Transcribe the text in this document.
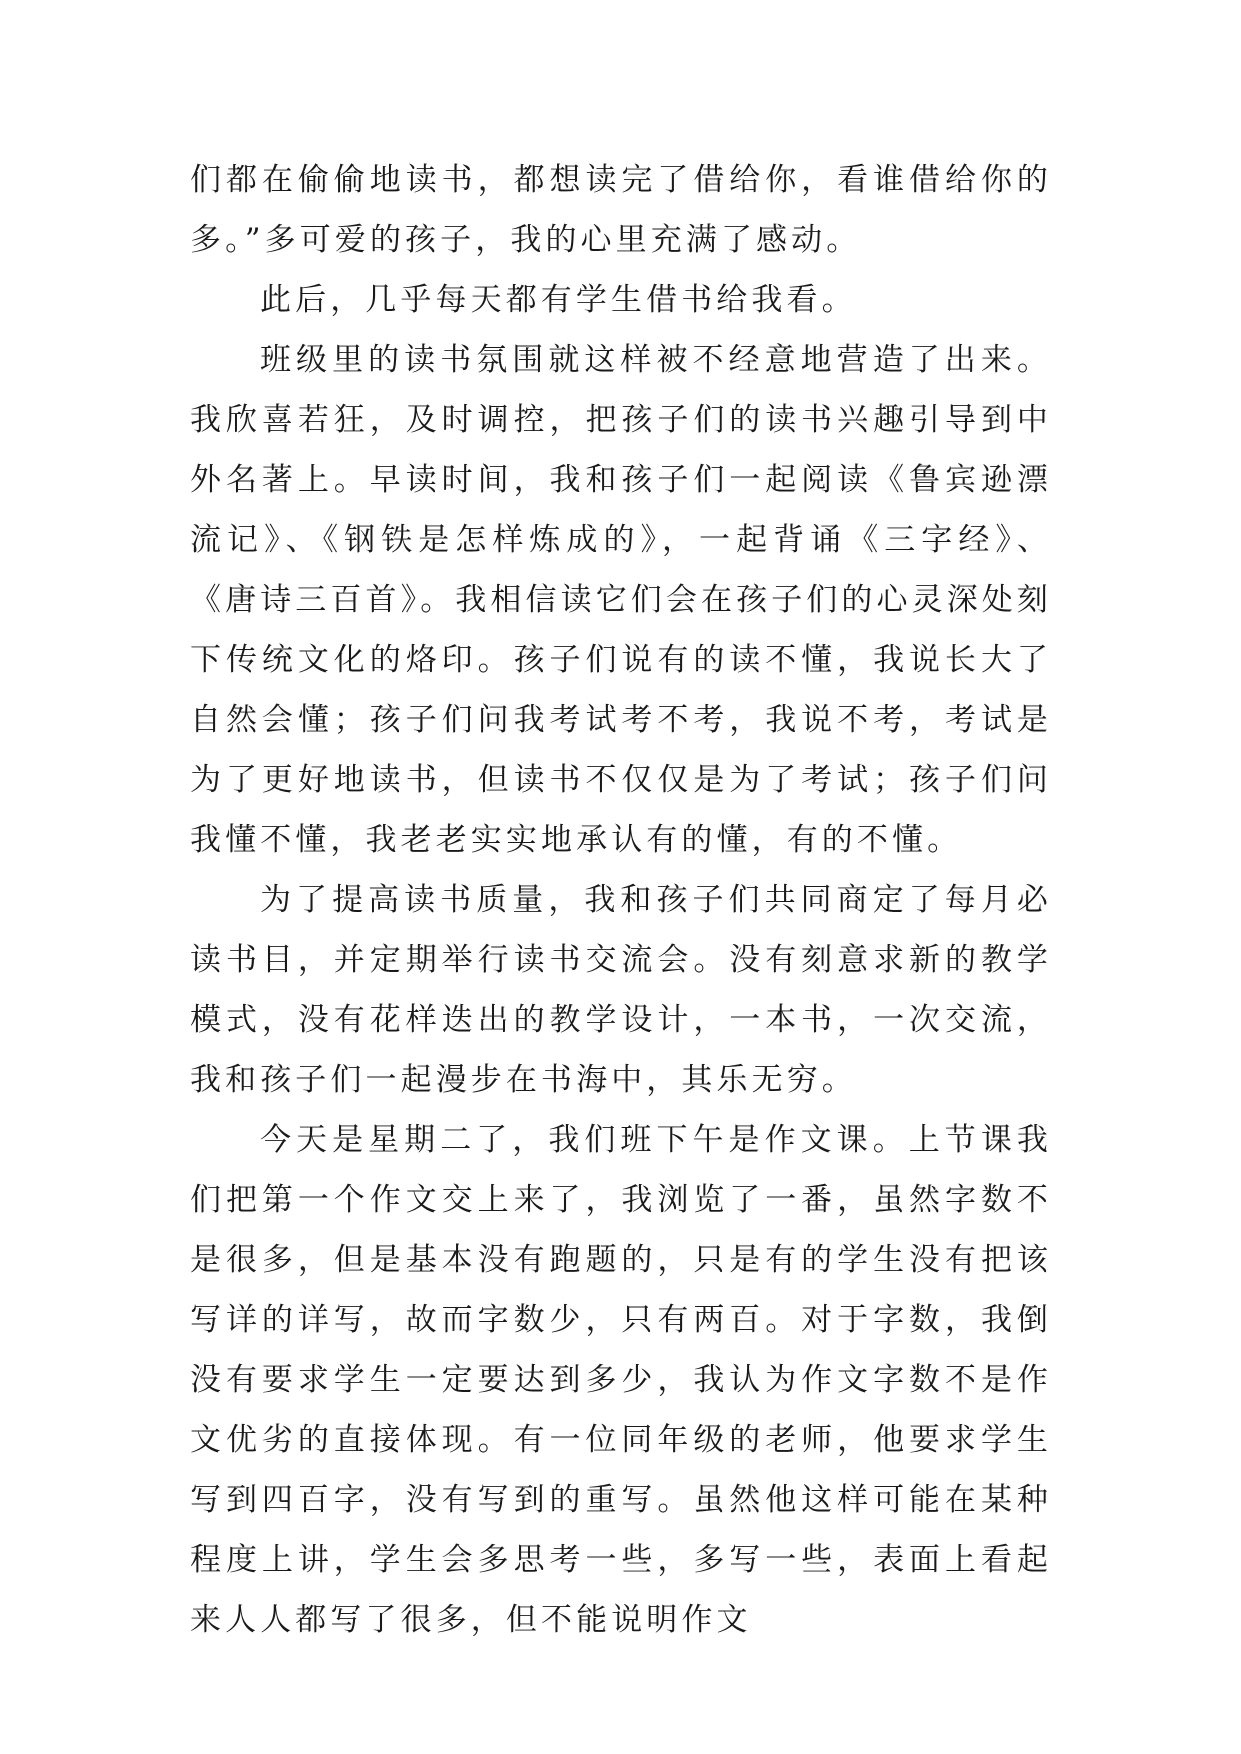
们都在偷偷地读书，都想读完了借给你，看谁借给你的多。”多可爱的孩子，我的心里充满了感动。

此后，几乎每天都有学生借书给我看。

班级里的读书氛围就这样被不经意地营造了出来。我欣喜若狂，及时调控，把孩子们的读书兴趣引导到中外名著上。早读时间，我和孩子们一起阅读《鲁宾逊漂流记》、《钢铁是怎样炼成的》，一起背诵《三字经》、《唐诗三百首》。我相信读它们会在孩子们的心灵深处刻下传统文化的烙印。孩子们说有的读不懂，我说长大了自然会懂；孩子们问我考试考不考，我说不考，考试是为了更好地读书，但读书不仅仅是为了考试；孩子们问我懂不懂，我老老实实地承认有的懂，有的不懂。

为了提高读书质量，我和孩子们共同商定了每月必读书目，并定期举行读书交流会。没有刻意求新的教学模式，没有花样迭出的教学设计，一本书，一次交流，我和孩子们一起漫步在书海中，其乐无穷。

今天是星期二了，我们班下午是作文课。上节课我们把第一个作文交上来了，我浏览了一番，虽然字数不是很多，但是基本没有跑题的，只是有的学生没有把该写详的详写，故而字数少，只有两百。对于字数，我倒没有要求学生一定要达到多少，我认为作文字数不是作文优劣的直接体现。有一位同年级的老师，他要求学生写到四百字，没有写到的重写。虽然他这样可能在某种程度上讲，学生会多思考一些，多写一些，表面上看起来人人都写了很多，但不能说明作文
